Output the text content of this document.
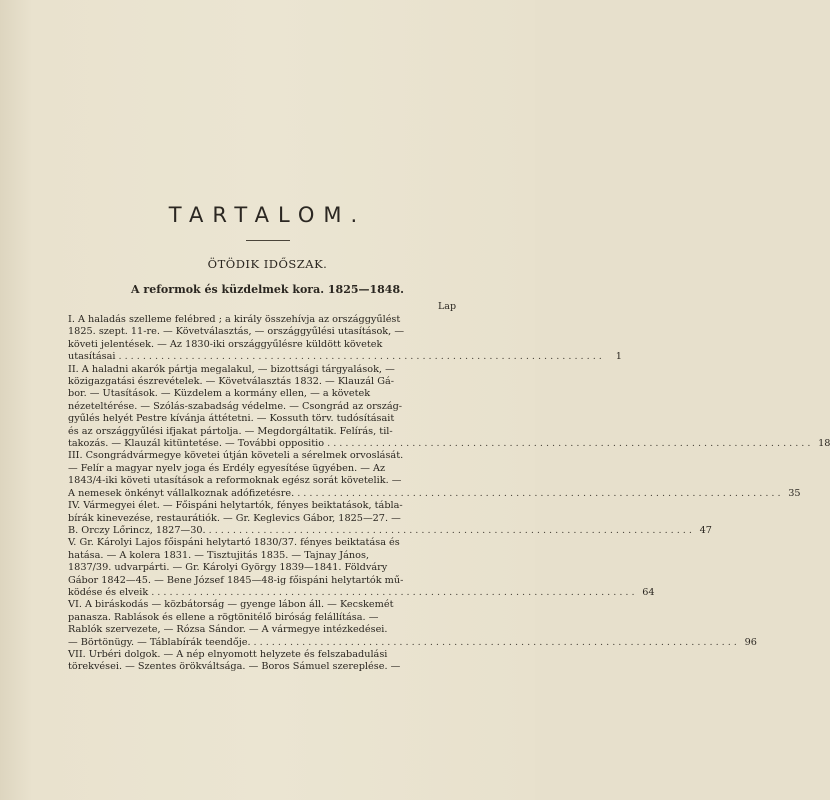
TARTALOM.
ÖTÖDIK IDŐSZAK.
A reformok és küzdelmek kora. 1825—1848.
Lap
I. A haladás szelleme felébred ; a király összehívja az országgyűlést
1825. szept. 11-re. — Követválasztás, — országgyűlési utasítások, —
követi jelentések. — Az 1830-iki országgyűlésre küldött követek
utasításai ................................................................................	1
II. A haladni akarók pártja megalakul, — bizottsági tárgyalások, —
közigazgatási észrevételek. — Követválasztás 1832. — Klauzál Gá-
bor. — Utasítások. — Küzdelem a kormány ellen, — a követek
nézeteltérése. — Szólás-szabadság védelme. — Csongrád az ország-
gyűlés helyét Pestre kívánja áttétetni. — Kossuth törv. tudósításait
és az országgyűlési ifjakat pártolja. — Megdorgáltatik. Felírás, til-
takozás. — Klauzál kitüntetése. — További oppositio ................................................................................ 18
III. Csongrádvármegye követei útján követeli a sérelmek orvoslását.
— Felír a magyar nyelv joga és Erdély egyesítése ügyében. — Az
1843/4-iki követi utasítások a reformoknak egész sorát követelik. —
A nemesek önkényt vállalkoznak adófizetésre. ................................................................................ 35
IV. Vármegyei élet. — Főispáni helytartók, fényes beiktatások, tábla-
bírák kinevezése, restaurátiók. — Gr. Keglevics Gábor, 1825—27. —
B. Orczy Lőrincz, 1827—30. ................................................................................ 47
V. Gr. Károlyi Lajos főispáni helytartó 1830/37. fényes beiktatása és
hatása. — A kolera 1831. — Tisztujitás 1835. — Tajnay János,
1837/39. udvarpárti. — Gr. Károlyi György 1839—1841. Földváry
Gábor 1842—45. — Bene József 1845—48-ig főispáni helytartók mű-
ködése és elveik ................................................................................ 64
VI. A biráskodás — közbátorság — gyenge lábon áll. — Kecskemét
panasza. Rablások és ellene a rögtönitélő biróság felállítása. —
Rablók szervezete, — Rózsa Sándor. — A vármegye intézkedései.
— Börtönügy. — Táblabírák teendője. ................................................................................ 96
VII. Urbéri dolgok. — A nép elnyomott helyzete és felszabadulási
törekvései. — Szentes örökváltsága. — Boros Sámuel szereplése. —
